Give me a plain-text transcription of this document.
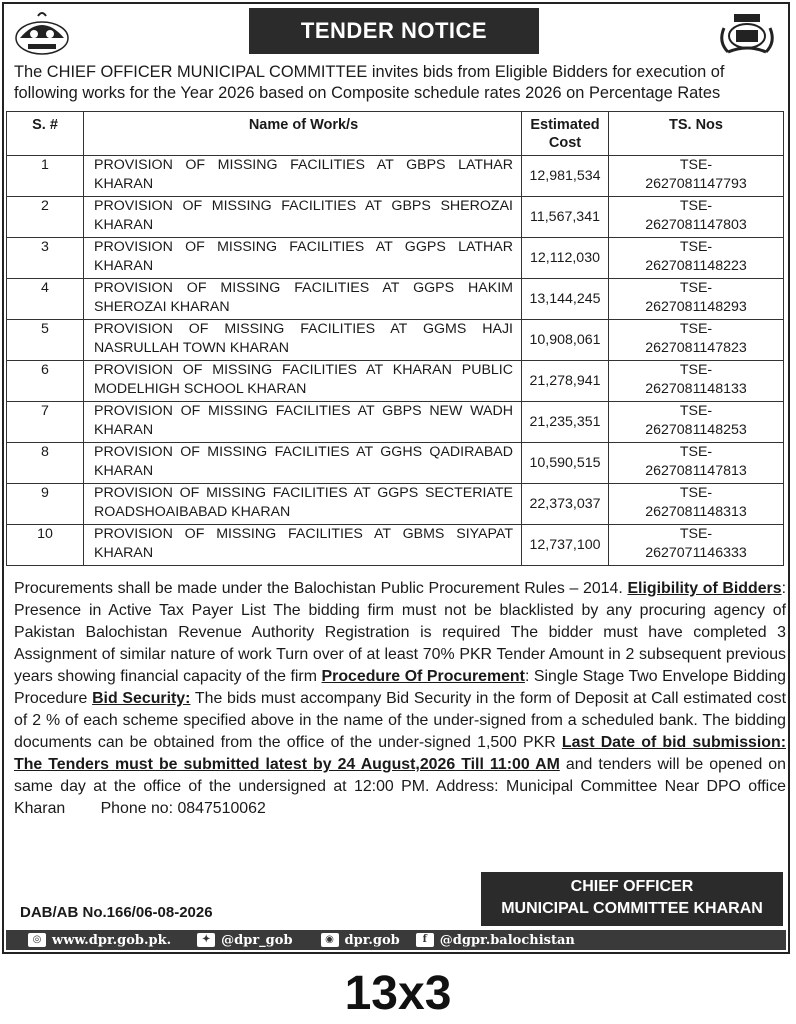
TENDER NOTICE
The CHIEF OFFICER MUNICIPAL COMMITTEE invites bids from Eligible Bidders for execution of
following works for the Year 2026 based on Composite schedule rates 2026 on Percentage Rates
S. #	Name of Work/s	Estimated Cost	TS. Nos
1	PROVISION OF MISSING FACILITIES AT GBPS LATHAR KHARAN	12,981,534	TSE-
2627081147793

2	PROVISION OF MISSING FACILITIES AT GBPS SHEROZAI KHARAN	11,567,341	TSE-
2627081147803

3	PROVISION OF MISSING FACILITIES AT GGPS LATHAR KHARAN	12,112,030	TSE-
2627081148223

4	PROVISION OF MISSING FACILITIES AT GGPS HAKIM SHEROZAI KHARAN	13,144,245	TSE-
2627081148293

5	PROVISION OF MISSING FACILITIES AT GGMS HAJI NASRULLAH TOWN KHARAN	10,908,061	TSE-
2627081147823

6	PROVISION OF MISSING FACILITIES AT KHARAN PUBLIC MODELHIGH SCHOOL KHARAN	21,278,941	TSE-
2627081148133

7	PROVISION OF MISSING FACILITIES AT GBPS NEW WADH KHARAN	21,235,351	TSE-
2627081148253

8	PROVISION OF MISSING FACILITIES AT GGHS QADIRABAD KHARAN	10,590,515	TSE-
2627081147813

9	PROVISION OF MISSING FACILITIES AT GGPS SECTERIATE ROADSHOAIBABAD KHARAN	22,373,037	TSE-
2627081148313

10	PROVISION OF MISSING FACILITIES AT GBMS SIYAPAT KHARAN	12,737,100	TSE-
2627071146333
Procurements shall be made under the Balochistan Public Procurement Rules – 2014. Eligibility of Bidders: Presence in Active Tax Payer List The bidding firm must not be blacklisted by any procuring agency of Pakistan Balochistan Revenue Authority Registration is required The bidder must have completed 3 Assignment of similar nature of work Turn over of at least 70% PKR Tender Amount in 2 subsequent previous years showing financial capacity of the firm Procedure Of Procurement: Single Stage Two Envelope Bidding Procedure Bid Security: The bids must accompany Bid Security in the form of Deposit at Call estimated cost of 2 % of each scheme specified above in the name of the under-signed from a scheduled bank. The bidding documents can be obtained from the office of the under-signed 1,500 PKR Last Date of bid submission: The Tenders must be submitted latest by 24 August,2026 Till 11:00 AM and tenders will be opened on same day at the office of the undersigned at 12:00 PM. Address: Municipal Committee Near DPO office Kharan Phone no: 0847510062
DAB/AB No.166/06-08-2026
CHIEF OFFICER
MUNICIPAL COMMITTEE KHARAN
◎ www.dpr.gob.pk.	✦ @dpr_gob	◉ dpr.gob	f @dgpr.balochistan
13x3
